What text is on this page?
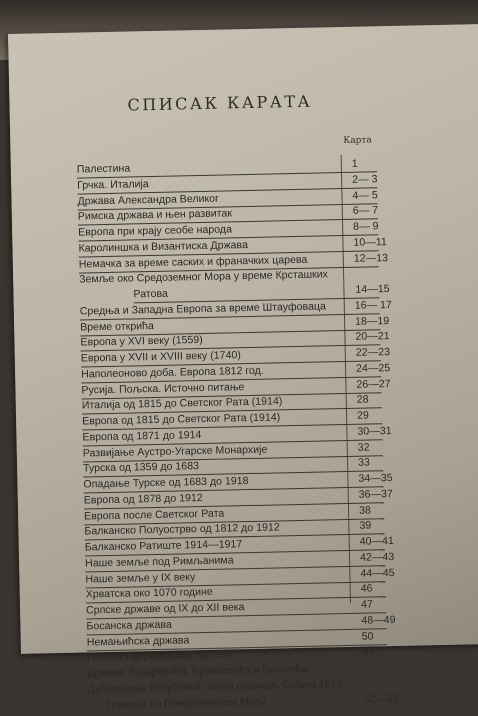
СПИСАК КАРАТА
Карта
Палестина	1
Грчка. Италија	2— 3
Држава Александра Великог	4— 5
Римска држава и њен развитак	6— 7
Европа при крају сеобе народа	8— 9
Каролиншка и Византиска Држава	10—11
Немачка за време саских и франачких царева	12—13
Земље око Средоземног Мора у време Крсташких
Ратова	14—15
Средња и Западна Европа за време Штауфоваца	16— 17
Време открића	18—19
Европа у XVI веку (1559)	20—21
Европа у XVII и XVIII веку (1740)	22—23
Наполеоново доба. Европа 1812 год.	24—25
Русија. Пољска. Источно питање	26—27
Италија од 1815 до Светског Рата (1914)	28
Европа од 1815 до Светског Рата (1914)	29
Европа од 1871 до 1914	30—31
Развијање Аустро-Угарске Монархије	32
Турска од 1359 до 1683	33
Опадање Турске од 1683 до 1918	34—35
Европа од 1878 до 1912	36—37
Европа после Светског Рата	38
Балканско Полуострво од 1812 до 1912	39
Балканско Ратиште 1914—1917	40—41
Наше земље под Римљанима	42—43
Наше земље у IX веку	44—45
Хрватска око 1070 године	46
Српске државе од IX до XII века	47
Босанска држава	48—49
Немањићска држава	50
Пећска Патријаршија од 1557	51
Државе Лазаревића, Бранковића и Баошића
Дубровачка Република. Војна граница. Србија 1912.
Граница по Пожаревачком Миру	52—53
